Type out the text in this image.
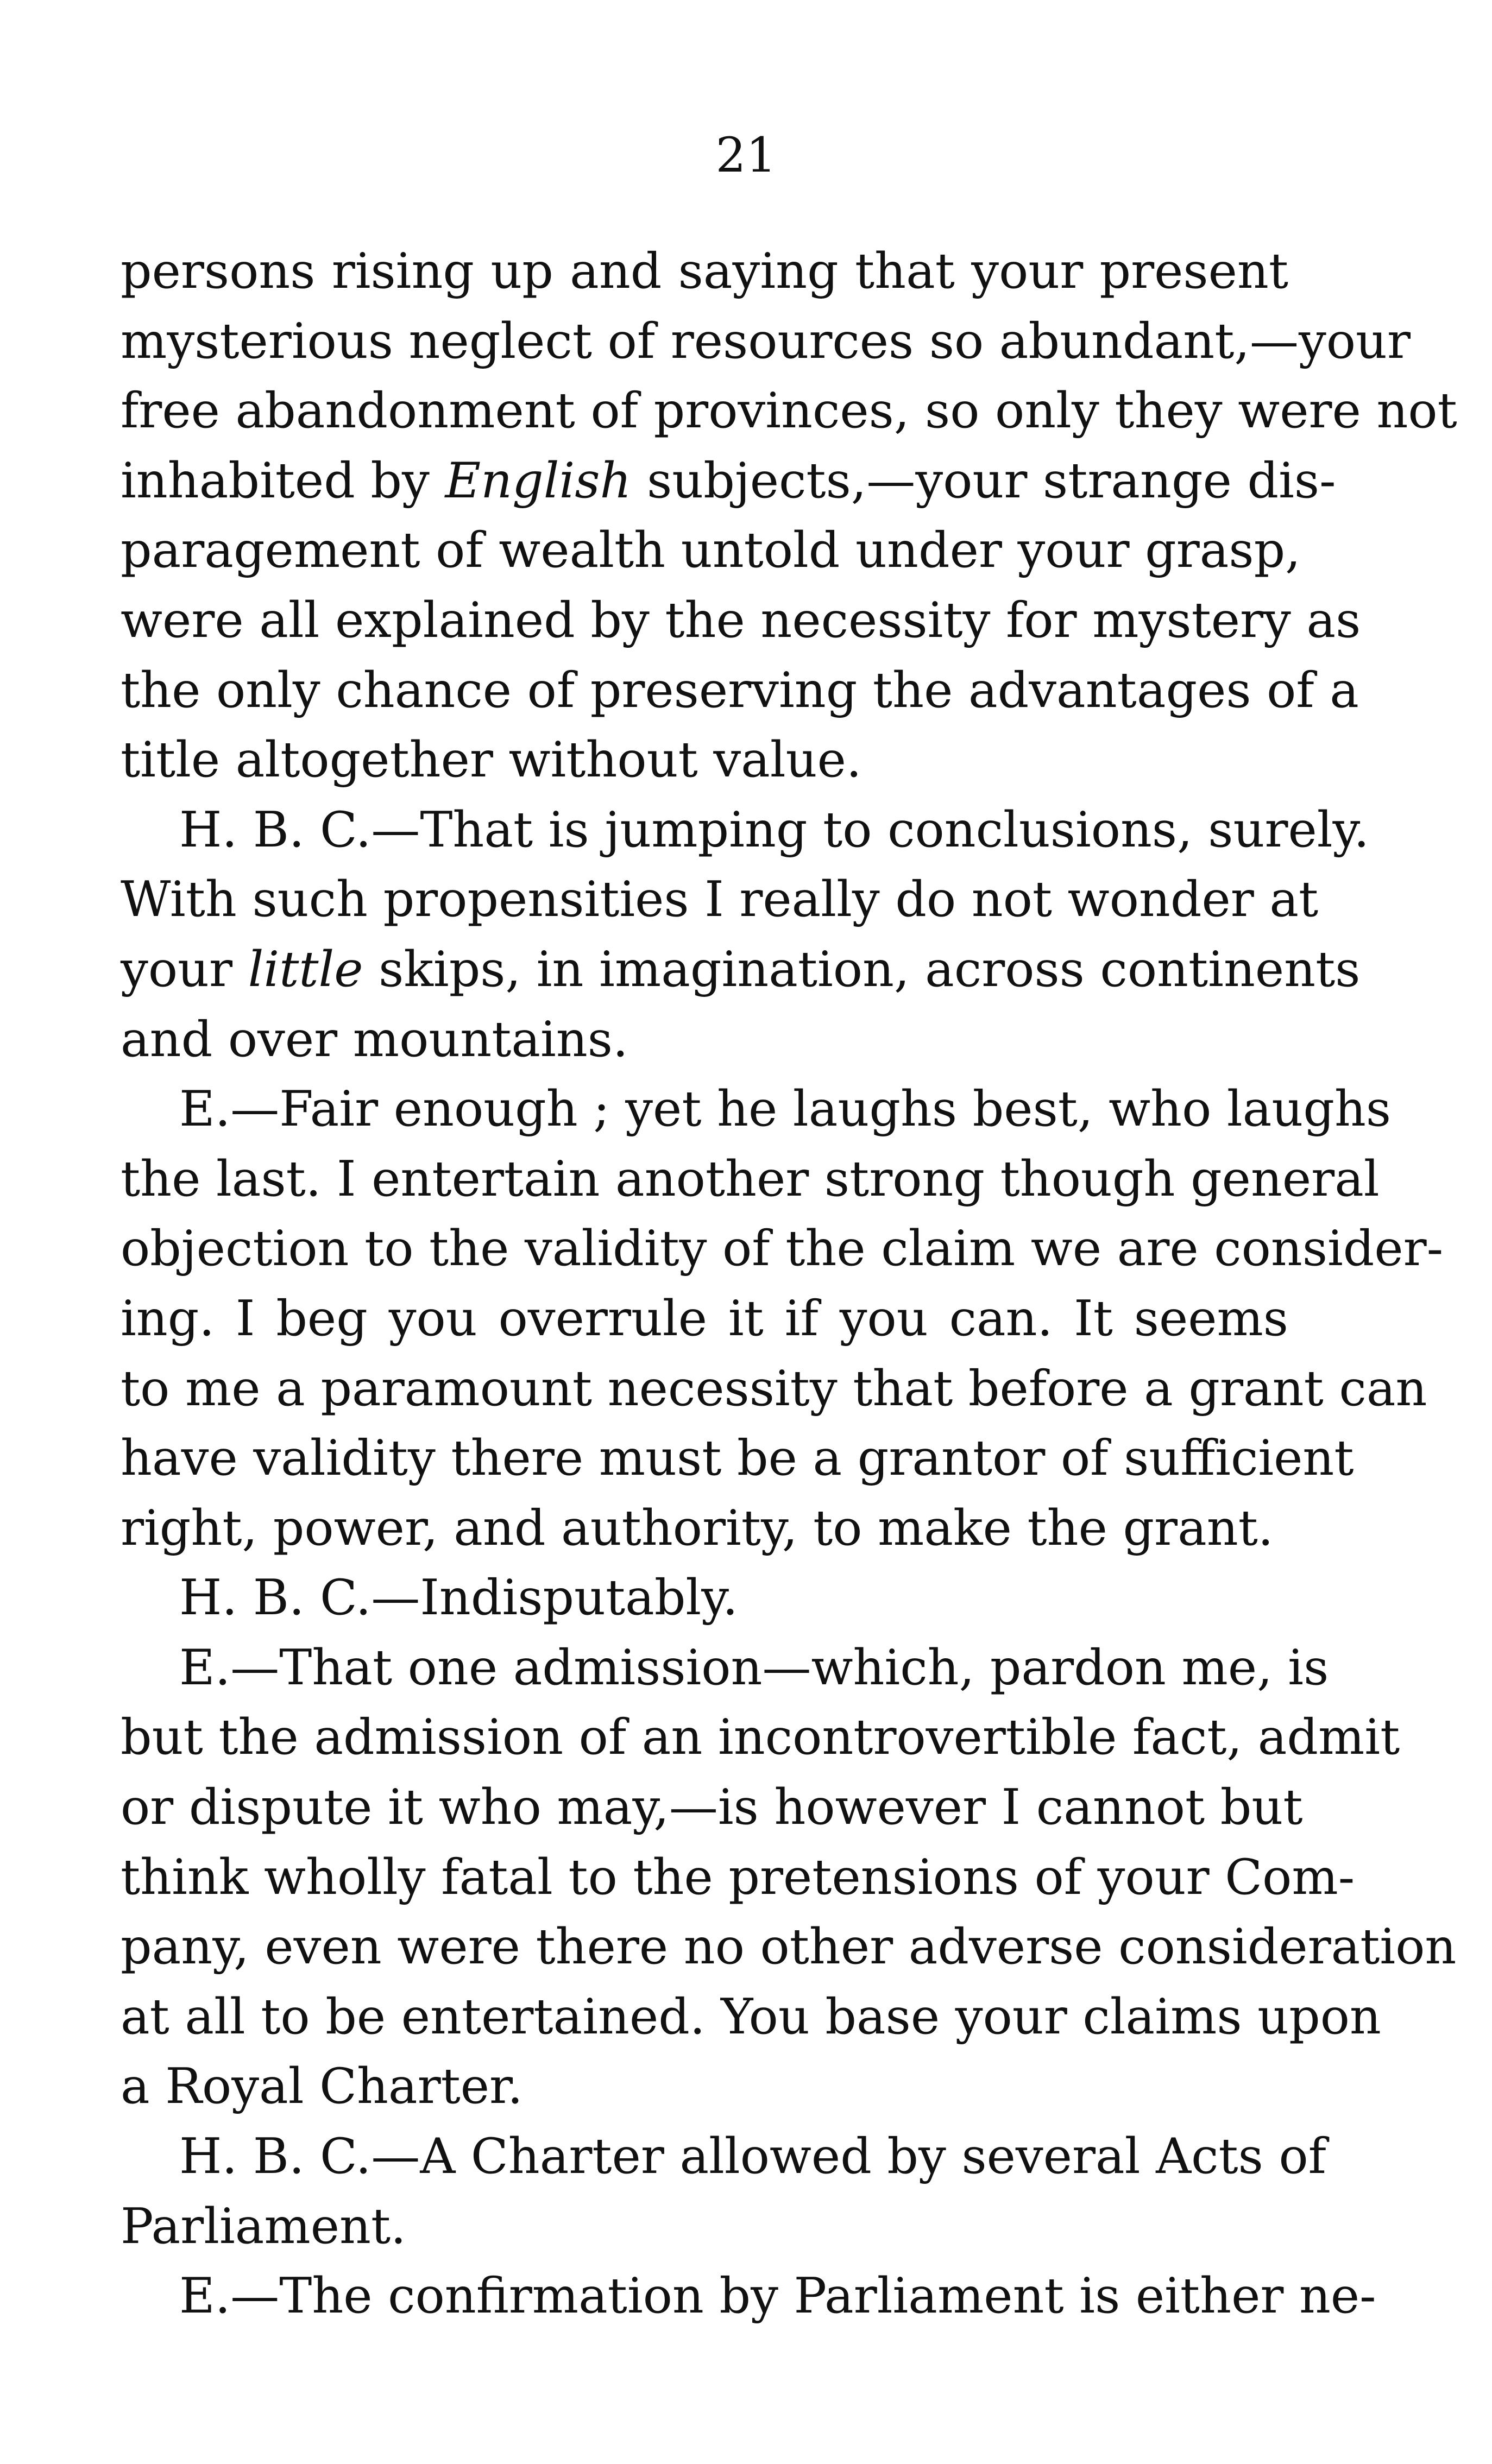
21
persons rising up and saying that your present
mysterious neglect of resources so abundant,—your
free abandonment of provinces, so only they were not
inhabited by English subjects,—your strange dis-
paragement of wealth untold under your grasp,
were all explained by the necessity for mystery as
the only chance of preserving the advantages of a
title altogether without value.
H. B. C.—That is jumping to conclusions, surely.
With such propensities I really do not wonder at
your little skips, in imagination, across continents
and over mountains.
E.—Fair enough ; yet he laughs best, who laughs
the last. I entertain another strong though general
objection to the validity of the claim we are consider-
ing. I beg you overrule it if you can. It seems
to me a paramount necessity that before a grant can
have validity there must be a grantor of sufficient
right, power, and authority, to make the grant.
H. B. C.—Indisputably.
E.—That one admission—which, pardon me, is
but the admission of an incontrovertible fact, admit
or dispute it who may,—is however I cannot but
think wholly fatal to the pretensions of your Com-
pany, even were there no other adverse consideration
at all to be entertained. You base your claims upon
a Royal Charter.
H. B. C.—A Charter allowed by several Acts of
Parliament.
E.—The confirmation by Parliament is either ne-
